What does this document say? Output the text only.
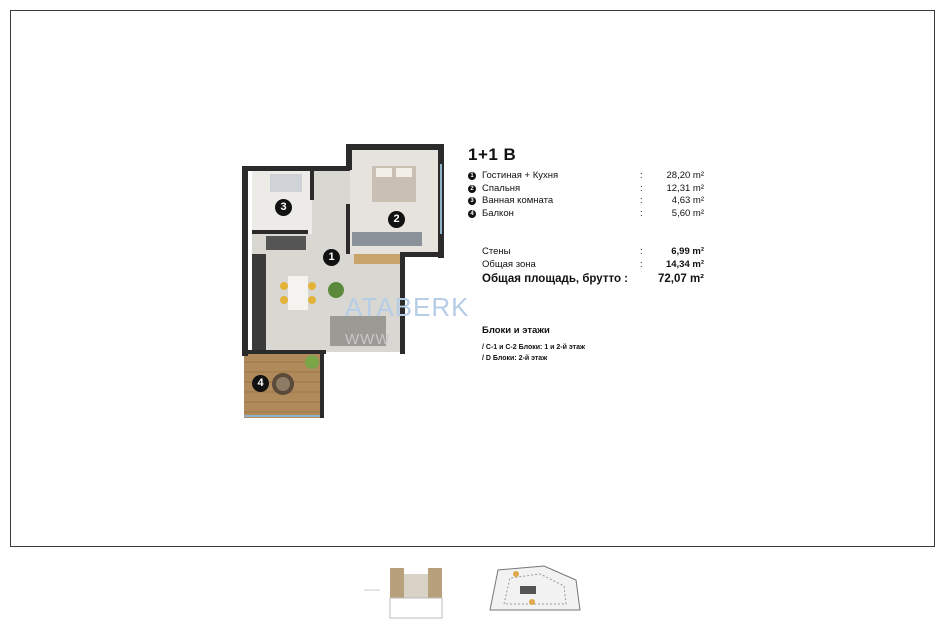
1
2
3
4
ATABERK
WWW.
1+1 B
1 Гостиная + Кухня	:	28,20 m²
2 Спальня	:	12,31 m²
3 Ванная комната	:	4,63 m²
4 Балкон	:	5,60 m²
Стены	:	6,99 m²
Общая зона	: 14,34 m²
Общая площадь, брутто :	72,07 m²
Блоки и этажи
/ C-1 и C-2 Блоки: 1 и 2-й этаж
/ D Блоки: 2-й этаж
